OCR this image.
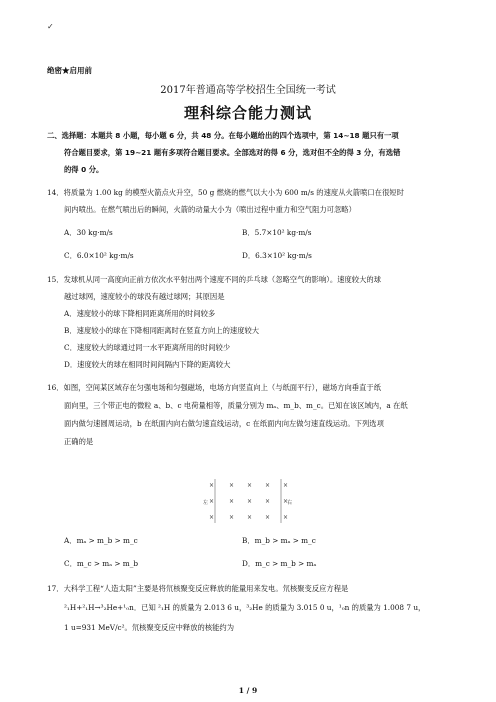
✓
绝密★启用前
2017年普通高等学校招生全国统一考试
理科综合能力测试
二、选择题：本题共 8 小题，每小题 6 分，共 48 分。在每小题给出的四个选项中，第 14~18 题只有一项
符合题目要求，第 19~21 题有多项符合题目要求。全部选对的得 6 分，选对但不全的得 3 分，有选错
的得 0 分。
14．将质量为 1.00 kg 的模型火箭点火升空，50 g 燃烧的燃气以大小为 600 m/s 的速度从火箭喷口在很短时
间内喷出。在燃气喷出后的瞬间，火箭的动量大小为（喷出过程中重力和空气阻力可忽略）
A．30 kg·m/s	B．5.7×10² kg·m/s
C．6.0×10² kg·m/s	D．6.3×10² kg·m/s
15．发球机从同一高度向正前方依次水平射出两个速度不同的乒乓球（忽略空气的影响）。速度较大的球
越过球网，速度较小的球没有越过球网；其原因是
A．速度较小的球下降相同距离所用的时间较多
B．速度较小的球在下降相同距离时在竖直方向上的速度较大
C．速度较大的球通过同一水平距离所用的时间较少
D．速度较大的球在相同时间间隔内下降的距离较大
16．如图，空间某区域存在匀强电场和匀强磁场，电场方向竖直向上（与纸面平行），磁场方向垂直于纸
面向里，三个带正电的微粒 a、b、c 电荷量相等，质量分别为 mₐ、m_b、m_c。已知在该区域内，a 在纸
面内做匀速圆周运动，b 在纸面内向右做匀速直线运动，c 在纸面内向左做匀速直线运动。下列选项
正确的是
左	右
× × × × ×
× × × × ×
× × × × ×
A．mₐ > m_b > m_c	B．m_b > mₐ > m_c
C．m_c > mₐ > m_b	D．m_c > m_b > mₐ
17．大科学工程“人造太阳”主要是将氘核聚变反应释放的能量用来发电。氘核聚变反应方程是
²₁H+²₁H→³₂He+¹₀n．已知 ²₁H 的质量为 2.013 6 u，³₂He 的质量为 3.015 0 u，¹₀n 的质量为 1.008 7 u，
1 u=931 MeV/c²。氘核聚变反应中释放的核能约为
1 / 9
